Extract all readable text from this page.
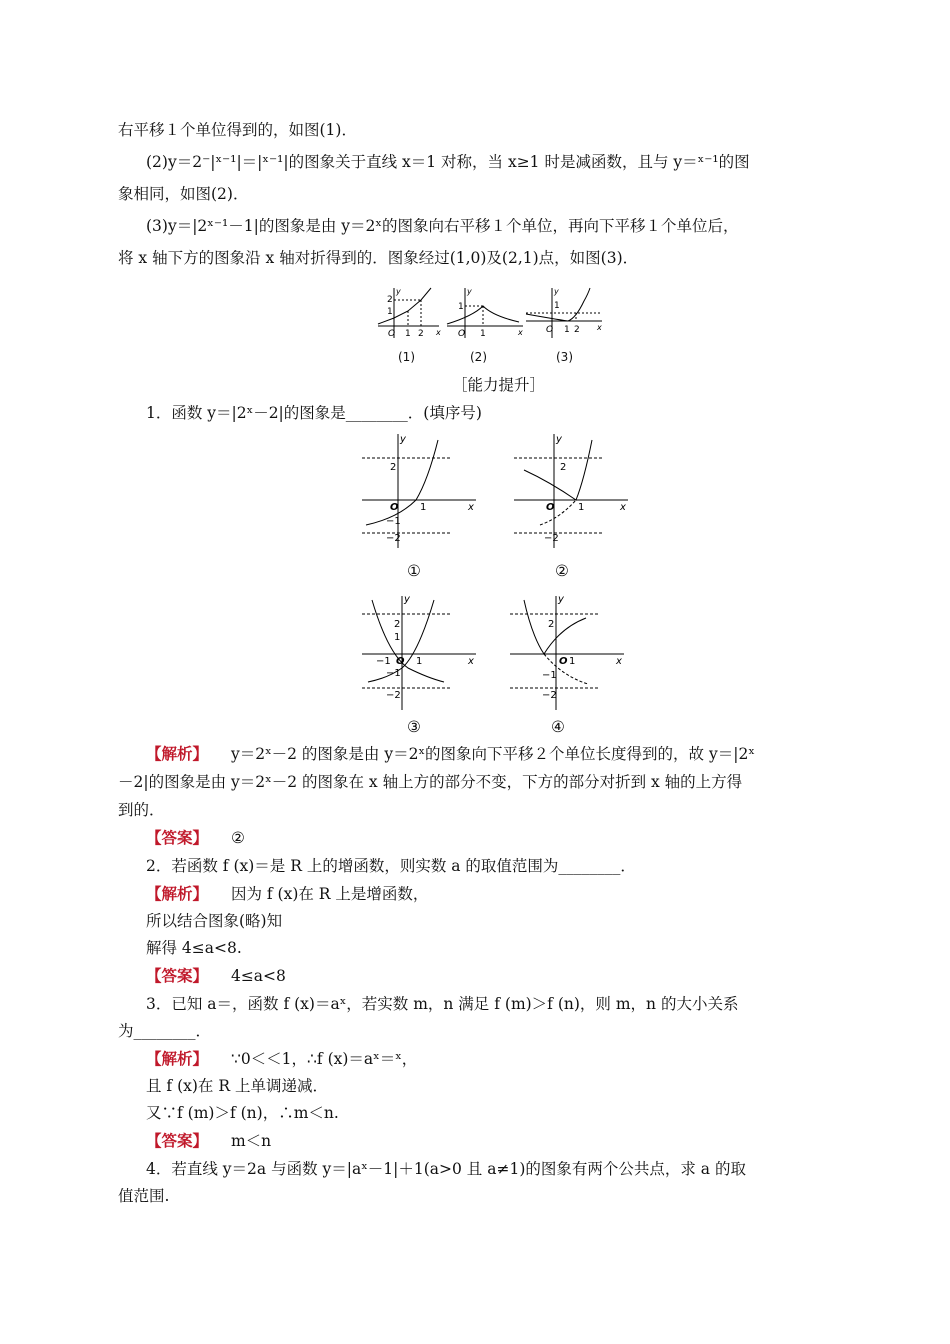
右平移１个单位得到的，如图(1)．
(2)y＝2⁻|ˣ⁻¹|＝|ˣ⁻¹|的图象关于直线 x＝1 对称，当 x≥1 时是减函数，且与 y＝ˣ⁻¹的图
象相同，如图(2)．
(3)y＝|2ˣ⁻¹－1|的图象是由 y＝2ˣ的图象向右平移１个单位，再向下平移１个单位后，
将 x 轴下方的图象沿 x 轴对折得到的．图象经过(1,0)及(2,1)点，如图(3)．
y
x
2
1
O 1 2
(1)
y
x
1
O 1
(2)
y
x
1
O 1 2
(3)
［能力提升］
1．函数 y＝|2ˣ－2|的图象是________．(填序号)
y
x
2
O 1
−1
−2
①
y
x
2
O 1
−2
②
y
x
2
1
−1 O 1
−1
−2
③
y
x
2
O 1
−1
−2
④
【解析】 y＝2ˣ－2 的图象是由 y＝2ˣ的图象向下平移２个单位长度得到的，故 y＝|2ˣ
－2|的图象是由 y＝2ˣ－2 的图象在 x 轴上方的部分不变，下方的部分对折到 x 轴的上方得
到的．
【答案】 ②
2．若函数 f (x)＝是 R 上的增函数，则实数 a 的取值范围为________．
【解析】 因为 f (x)在 R 上是增函数，
所以结合图象(略)知
解得 4≤a<8.
【答案】 4≤a<8
3．已知 a＝，函数 f (x)＝aˣ，若实数 m，n 满足 f (m)＞f (n)，则 m，n 的大小关系
为________．
【解析】 ∵0＜＜1，∴f (x)＝aˣ＝ˣ，
且 f (x)在 R 上单调递减．
又∵f (m)＞f (n)，∴m＜n.
【答案】 m＜n
4．若直线 y＝2a 与函数 y＝|aˣ－1|＋1(a>0 且 a≠1)的图象有两个公共点，求 a 的取
值范围.
